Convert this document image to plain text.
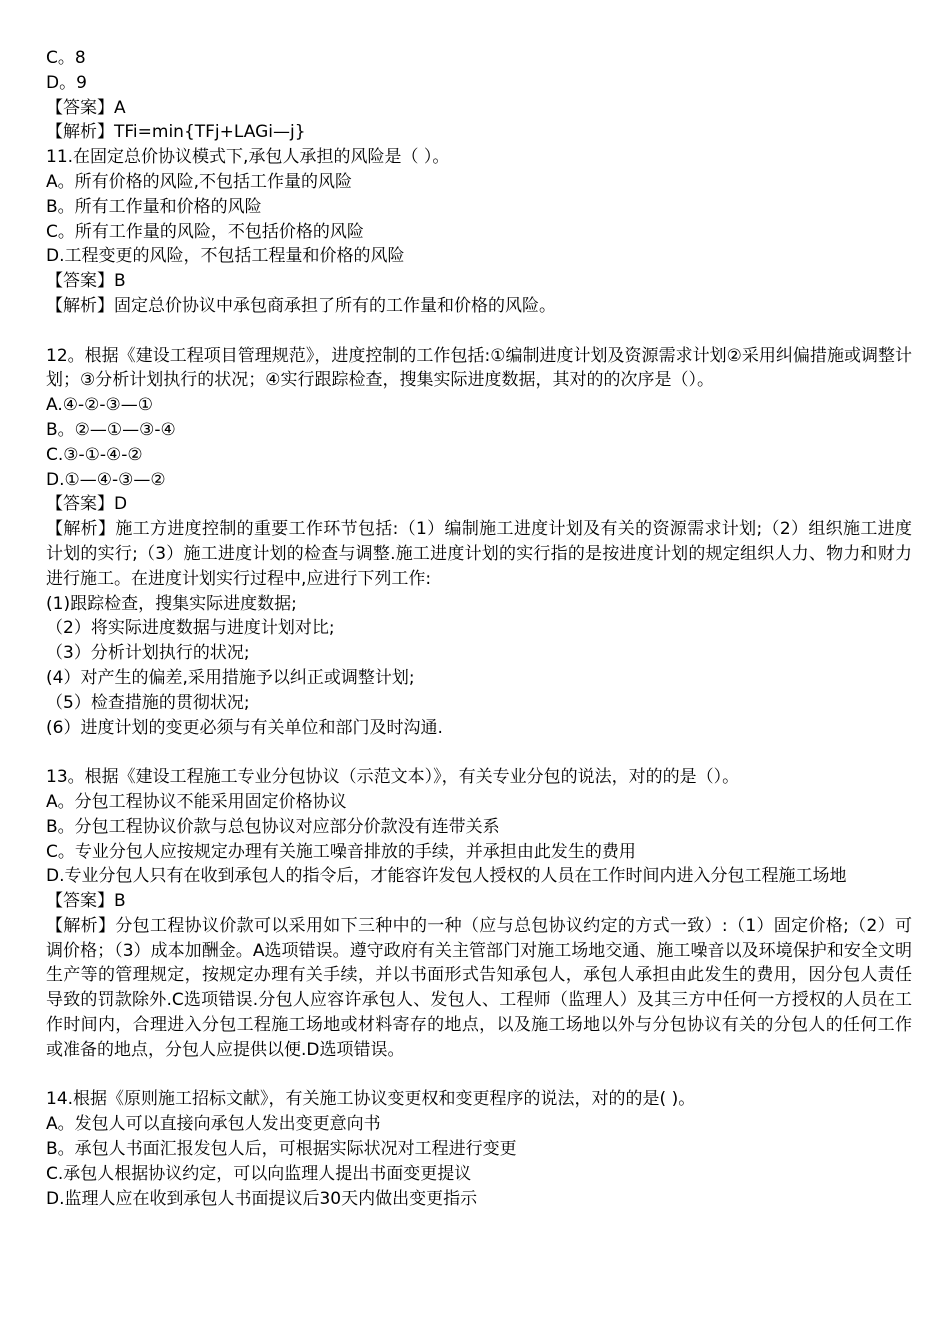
C。8
D。9
【答案】A
【解析】TFi=min{TFj+LAGi—j}
11.在固定总价协议模式下,承包人承担的风险是（ ）。
A。所有价格的风险,不包括工作量的风险
B。所有工作量和价格的风险
C。所有工作量的风险，不包括价格的风险
D.工程变更的风险，不包括工程量和价格的风险
【答案】B
【解析】固定总价协议中承包商承担了所有的工作量和价格的风险。
12。根据《建设工程项目管理规范》，进度控制的工作包括:①编制进度计划及资源需求计划②采用纠偏措施或调整计划；③分析计划执行的状况；④实行跟踪检查，搜集实际进度数据，其对的的次序是（）。
A.④-②-③—①
B。②—①—③-④
C.③-①-④-②
D.①—④-③—②
【答案】D
【解析】施工方进度控制的重要工作环节包括:（1）编制施工进度计划及有关的资源需求计划;（2）组织施工进度计划的实行;（3）施工进度计划的检查与调整.施工进度计划的实行指的是按进度计划的规定组织人力、物力和财力进行施工。在进度计划实行过程中,应进行下列工作:
(1)跟踪检查，搜集实际进度数据;
（2）将实际进度数据与进度计划对比;
（3）分析计划执行的状况;
(4）对产生的偏差,采用措施予以纠正或调整计划;
（5）检查措施的贯彻状况;
(6）进度计划的变更必须与有关单位和部门及时沟通.
13。根据《建设工程施工专业分包协议（示范文本）》，有关专业分包的说法，对的的是（）。
A。分包工程协议不能采用固定价格协议
B。分包工程协议价款与总包协议对应部分价款没有连带关系
C。专业分包人应按规定办理有关施工噪音排放的手续，并承担由此发生的费用
D.专业分包人只有在收到承包人的指令后，才能容许发包人授权的人员在工作时间内进入分包工程施工场地
【答案】B
【解析】分包工程协议价款可以采用如下三种中的一种（应与总包协议约定的方式一致）:（1）固定价格;（2）可调价格；（3）成本加酬金。A选项错误。遵守政府有关主管部门对施工场地交通、施工噪音以及环境保护和安全文明生产等的管理规定，按规定办理有关手续，并以书面形式告知承包人，承包人承担由此发生的费用，因分包人责任导致的罚款除外.C选项错误.分包人应容许承包人、发包人、工程师（监理人）及其三方中任何一方授权的人员在工作时间内，合理进入分包工程施工场地或材料寄存的地点，以及施工场地以外与分包协议有关的分包人的任何工作或准备的地点，分包人应提供以便.D选项错误。
14.根据《原则施工招标文献》，有关施工协议变更权和变更程序的说法，对的的是( )。
A。发包人可以直接向承包人发出变更意向书
B。承包人书面汇报发包人后，可根据实际状况对工程进行变更
C.承包人根据协议约定，可以向监理人提出书面变更提议
D.监理人应在收到承包人书面提议后30天内做出变更指示
